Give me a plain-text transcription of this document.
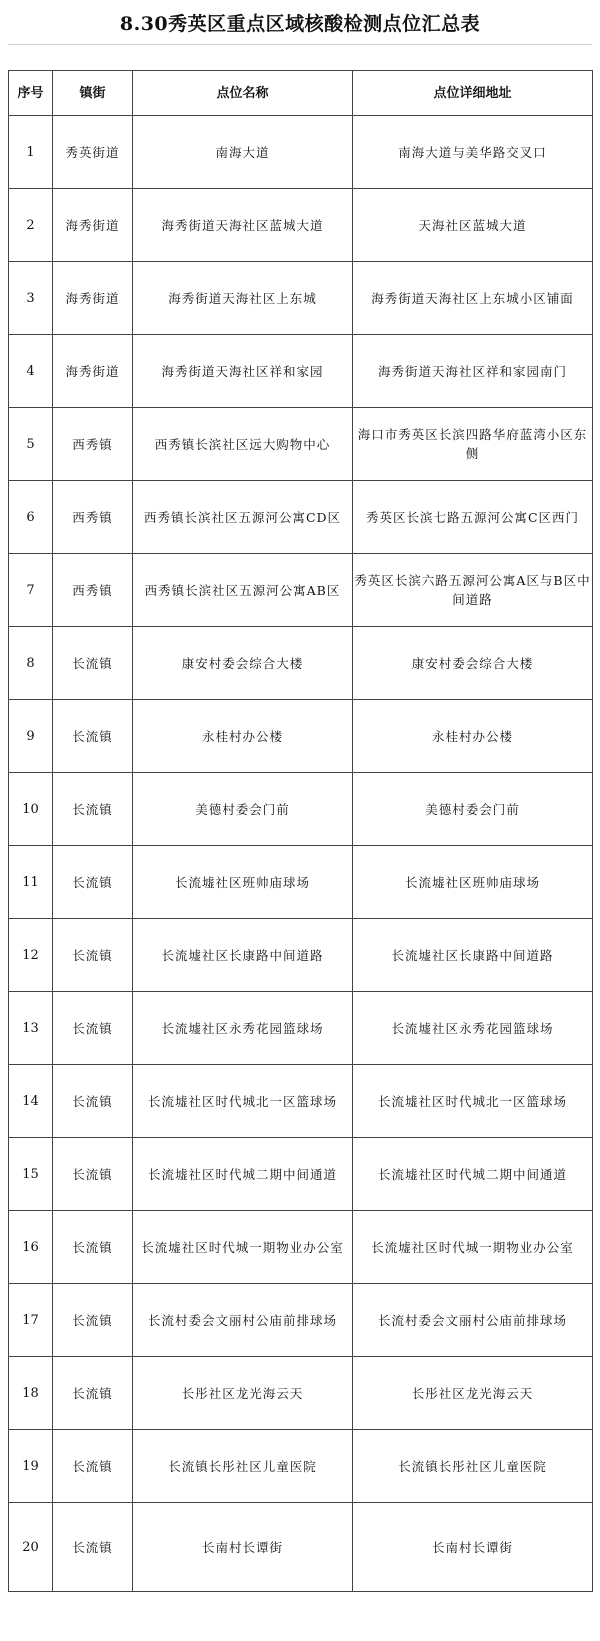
8.30秀英区重点区域核酸检测点位汇总表
序号	镇街	点位名称	点位详细地址
1	秀英街道	南海大道	南海大道与美华路交叉口
2	海秀街道	海秀街道天海社区蓝城大道	天海社区蓝城大道
3	海秀街道	海秀街道天海社区上东城	海秀街道天海社区上东城小区铺面
4	海秀街道	海秀街道天海社区祥和家园	海秀街道天海社区祥和家园南门
5	西秀镇	西秀镇长滨社区远大购物中心	海口市秀英区长滨四路华府蓝湾小区东侧
6	西秀镇	西秀镇长滨社区五源河公寓CD区	秀英区长滨七路五源河公寓C区西门
7	西秀镇	西秀镇长滨社区五源河公寓AB区	秀英区长滨六路五源河公寓A区与B区中间道路
8	长流镇	康安村委会综合大楼	康安村委会综合大楼
9	长流镇	永桂村办公楼	永桂村办公楼
10	长流镇	美德村委会门前	美德村委会门前
11	长流镇	长流墟社区班帅庙球场	长流墟社区班帅庙球场
12	长流镇	长流墟社区长康路中间道路	长流墟社区长康路中间道路
13	长流镇	长流墟社区永秀花园篮球场	长流墟社区永秀花园篮球场
14	长流镇	长流墟社区时代城北一区篮球场	长流墟社区时代城北一区篮球场
15	长流镇	长流墟社区时代城二期中间通道	长流墟社区时代城二期中间通道
16	长流镇	长流墟社区时代城一期物业办公室	长流墟社区时代城一期物业办公室
17	长流镇	长流村委会文丽村公庙前排球场	长流村委会文丽村公庙前排球场
18	长流镇	长彤社区龙光海云天	长彤社区龙光海云天
19	长流镇	长流镇长彤社区儿童医院	长流镇长彤社区儿童医院
20	长流镇	长南村长谭街	长南村长谭街
